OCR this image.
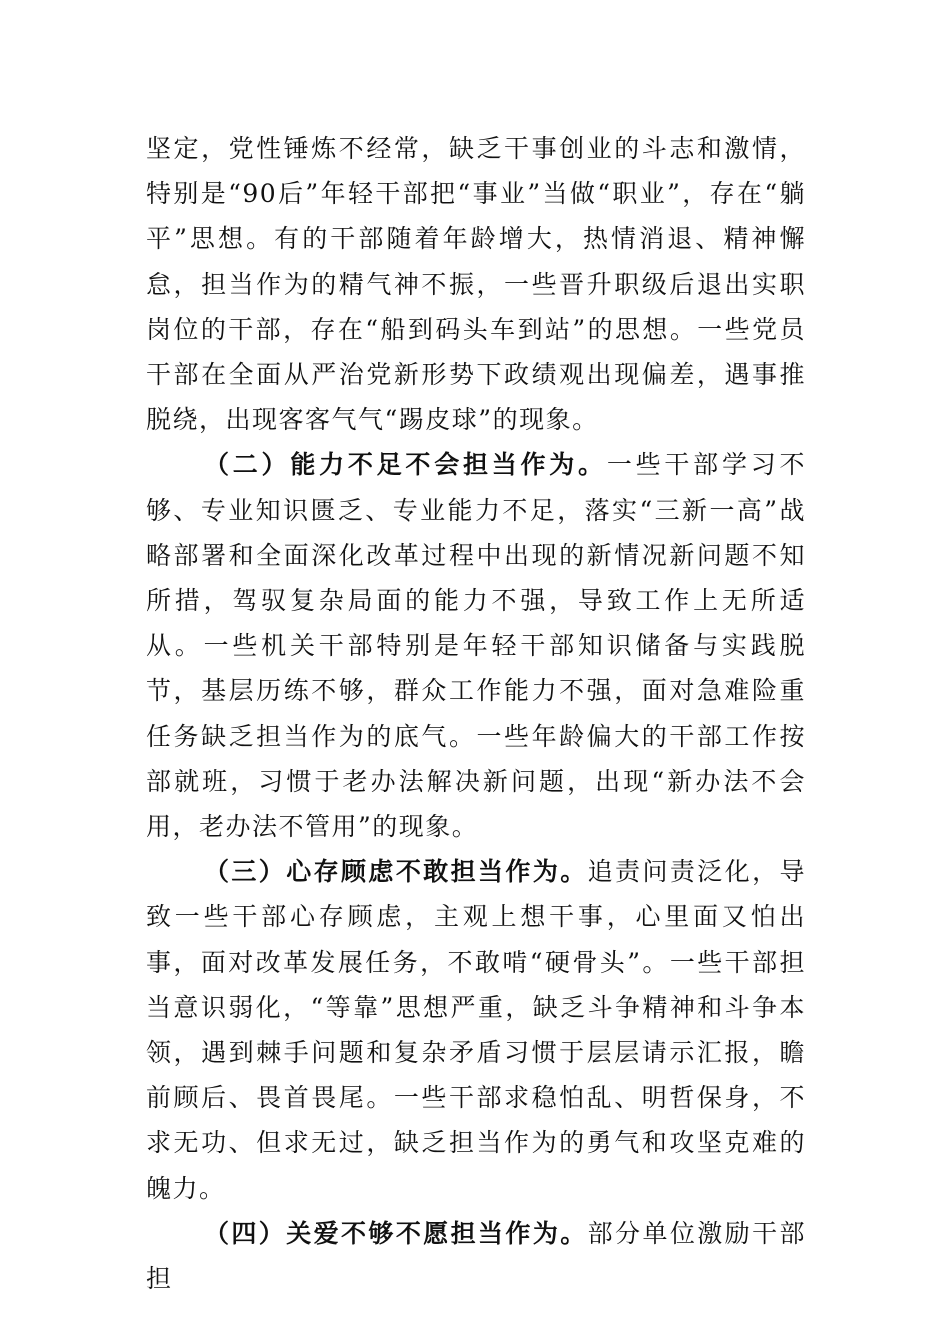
坚定，党性锤炼不经常，缺乏干事创业的斗志和激情，特别是“90后”年轻干部把“事业”当做“职业”，存在“躺平”思想。有的干部随着年龄增大，热情消退、精神懈怠，担当作为的精气神不振，一些晋升职级后退出实职岗位的干部，存在“船到码头车到站”的思想。一些党员干部在全面从严治党新形势下政绩观出现偏差，遇事推脱绕，出现客客气气“踢皮球”的现象。

（二）能力不足不会担当作为。一些干部学习不够、专业知识匮乏、专业能力不足，落实“三新一高”战略部署和全面深化改革过程中出现的新情况新问题不知所措，驾驭复杂局面的能力不强，导致工作上无所适从。一些机关干部特别是年轻干部知识储备与实践脱节，基层历练不够，群众工作能力不强，面对急难险重任务缺乏担当作为的底气。一些年龄偏大的干部工作按部就班，习惯于老办法解决新问题，出现“新办法不会用，老办法不管用”的现象。

（三）心存顾虑不敢担当作为。追责问责泛化，导致一些干部心存顾虑，主观上想干事，心里面又怕出事，面对改革发展任务，不敢啃“硬骨头”。一些干部担当意识弱化，“等靠”思想严重，缺乏斗争精神和斗争本领，遇到棘手问题和复杂矛盾习惯于层层请示汇报，瞻前顾后、畏首畏尾。一些干部求稳怕乱、明哲保身，不求无功、但求无过，缺乏担当作为的勇气和攻坚克难的魄力。

（四）关爱不够不愿担当作为。部分单位激励干部担
